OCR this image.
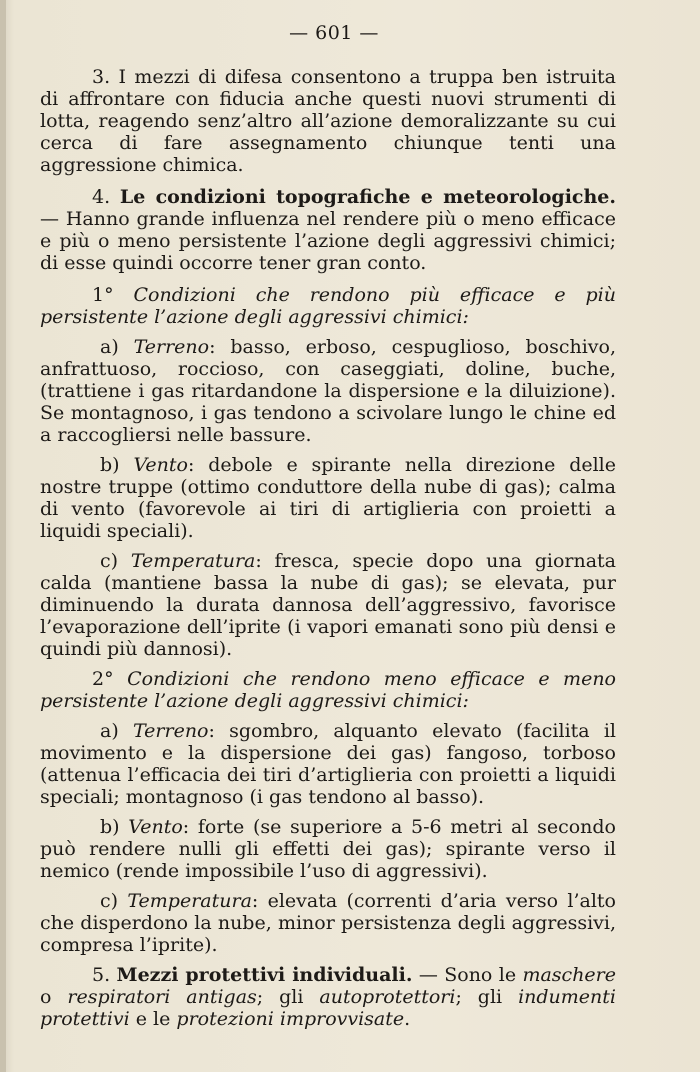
— 601 —

3. I mezzi di difesa consentono a truppa ben istruita di affrontare con fiducia anche questi nuovi strumenti di lotta, reagendo senz’altro all’azione demoralizzante su cui cerca di fare assegnamento chiunque tenti una aggressione chimica.

4. Le condizioni topografiche e meteorologiche. — Hanno grande influenza nel rendere più o meno efficace e più o meno persistente l’azione degli aggressivi chimici; di esse quindi occorre tener gran conto.

1° Condizioni che rendono più efficace e più persistente l’azione degli aggressivi chimici:

a) Terreno: basso, erboso, cespuglioso, boschivo, anfrattuoso, roccioso, con caseggiati, doline, buche, (trattiene i gas ritardandone la dispersione e la diluizione). Se montagnoso, i gas tendono a scivolare lungo le chine ed a raccogliersi nelle bassure.

b) Vento: debole e spirante nella direzione delle nostre truppe (ottimo conduttore della nube di gas); calma di vento (favorevole ai tiri di artiglieria con proietti a liquidi speciali).

c) Temperatura: fresca, specie dopo una giornata calda (mantiene bassa la nube di gas); se elevata, pur diminuendo la durata dannosa dell’aggressivo, favorisce l’evaporazione dell’iprite (i vapori emanati sono più densi e quindi più dannosi).

2° Condizioni che rendono meno efficace e meno persistente l’azione degli aggressivi chimici:

a) Terreno: sgombro, alquanto elevato (facilita il movimento e la dispersione dei gas) fangoso, torboso (attenua l’efficacia dei tiri d’artiglieria con proietti a liquidi speciali; montagnoso (i gas tendono al basso).

b) Vento: forte (se superiore a 5-6 metri al secondo può rendere nulli gli effetti dei gas); spirante verso il nemico (rende impossibile l’uso di aggressivi).

c) Temperatura: elevata (correnti d’aria verso l’alto che disperdono la nube, minor persistenza degli aggressivi, compresa l’iprite).

5. Mezzi protettivi individuali. — Sono le maschere o respiratori antigas; gli autoprotettori; gli indumenti protettivi e le protezioni improvvisate.
